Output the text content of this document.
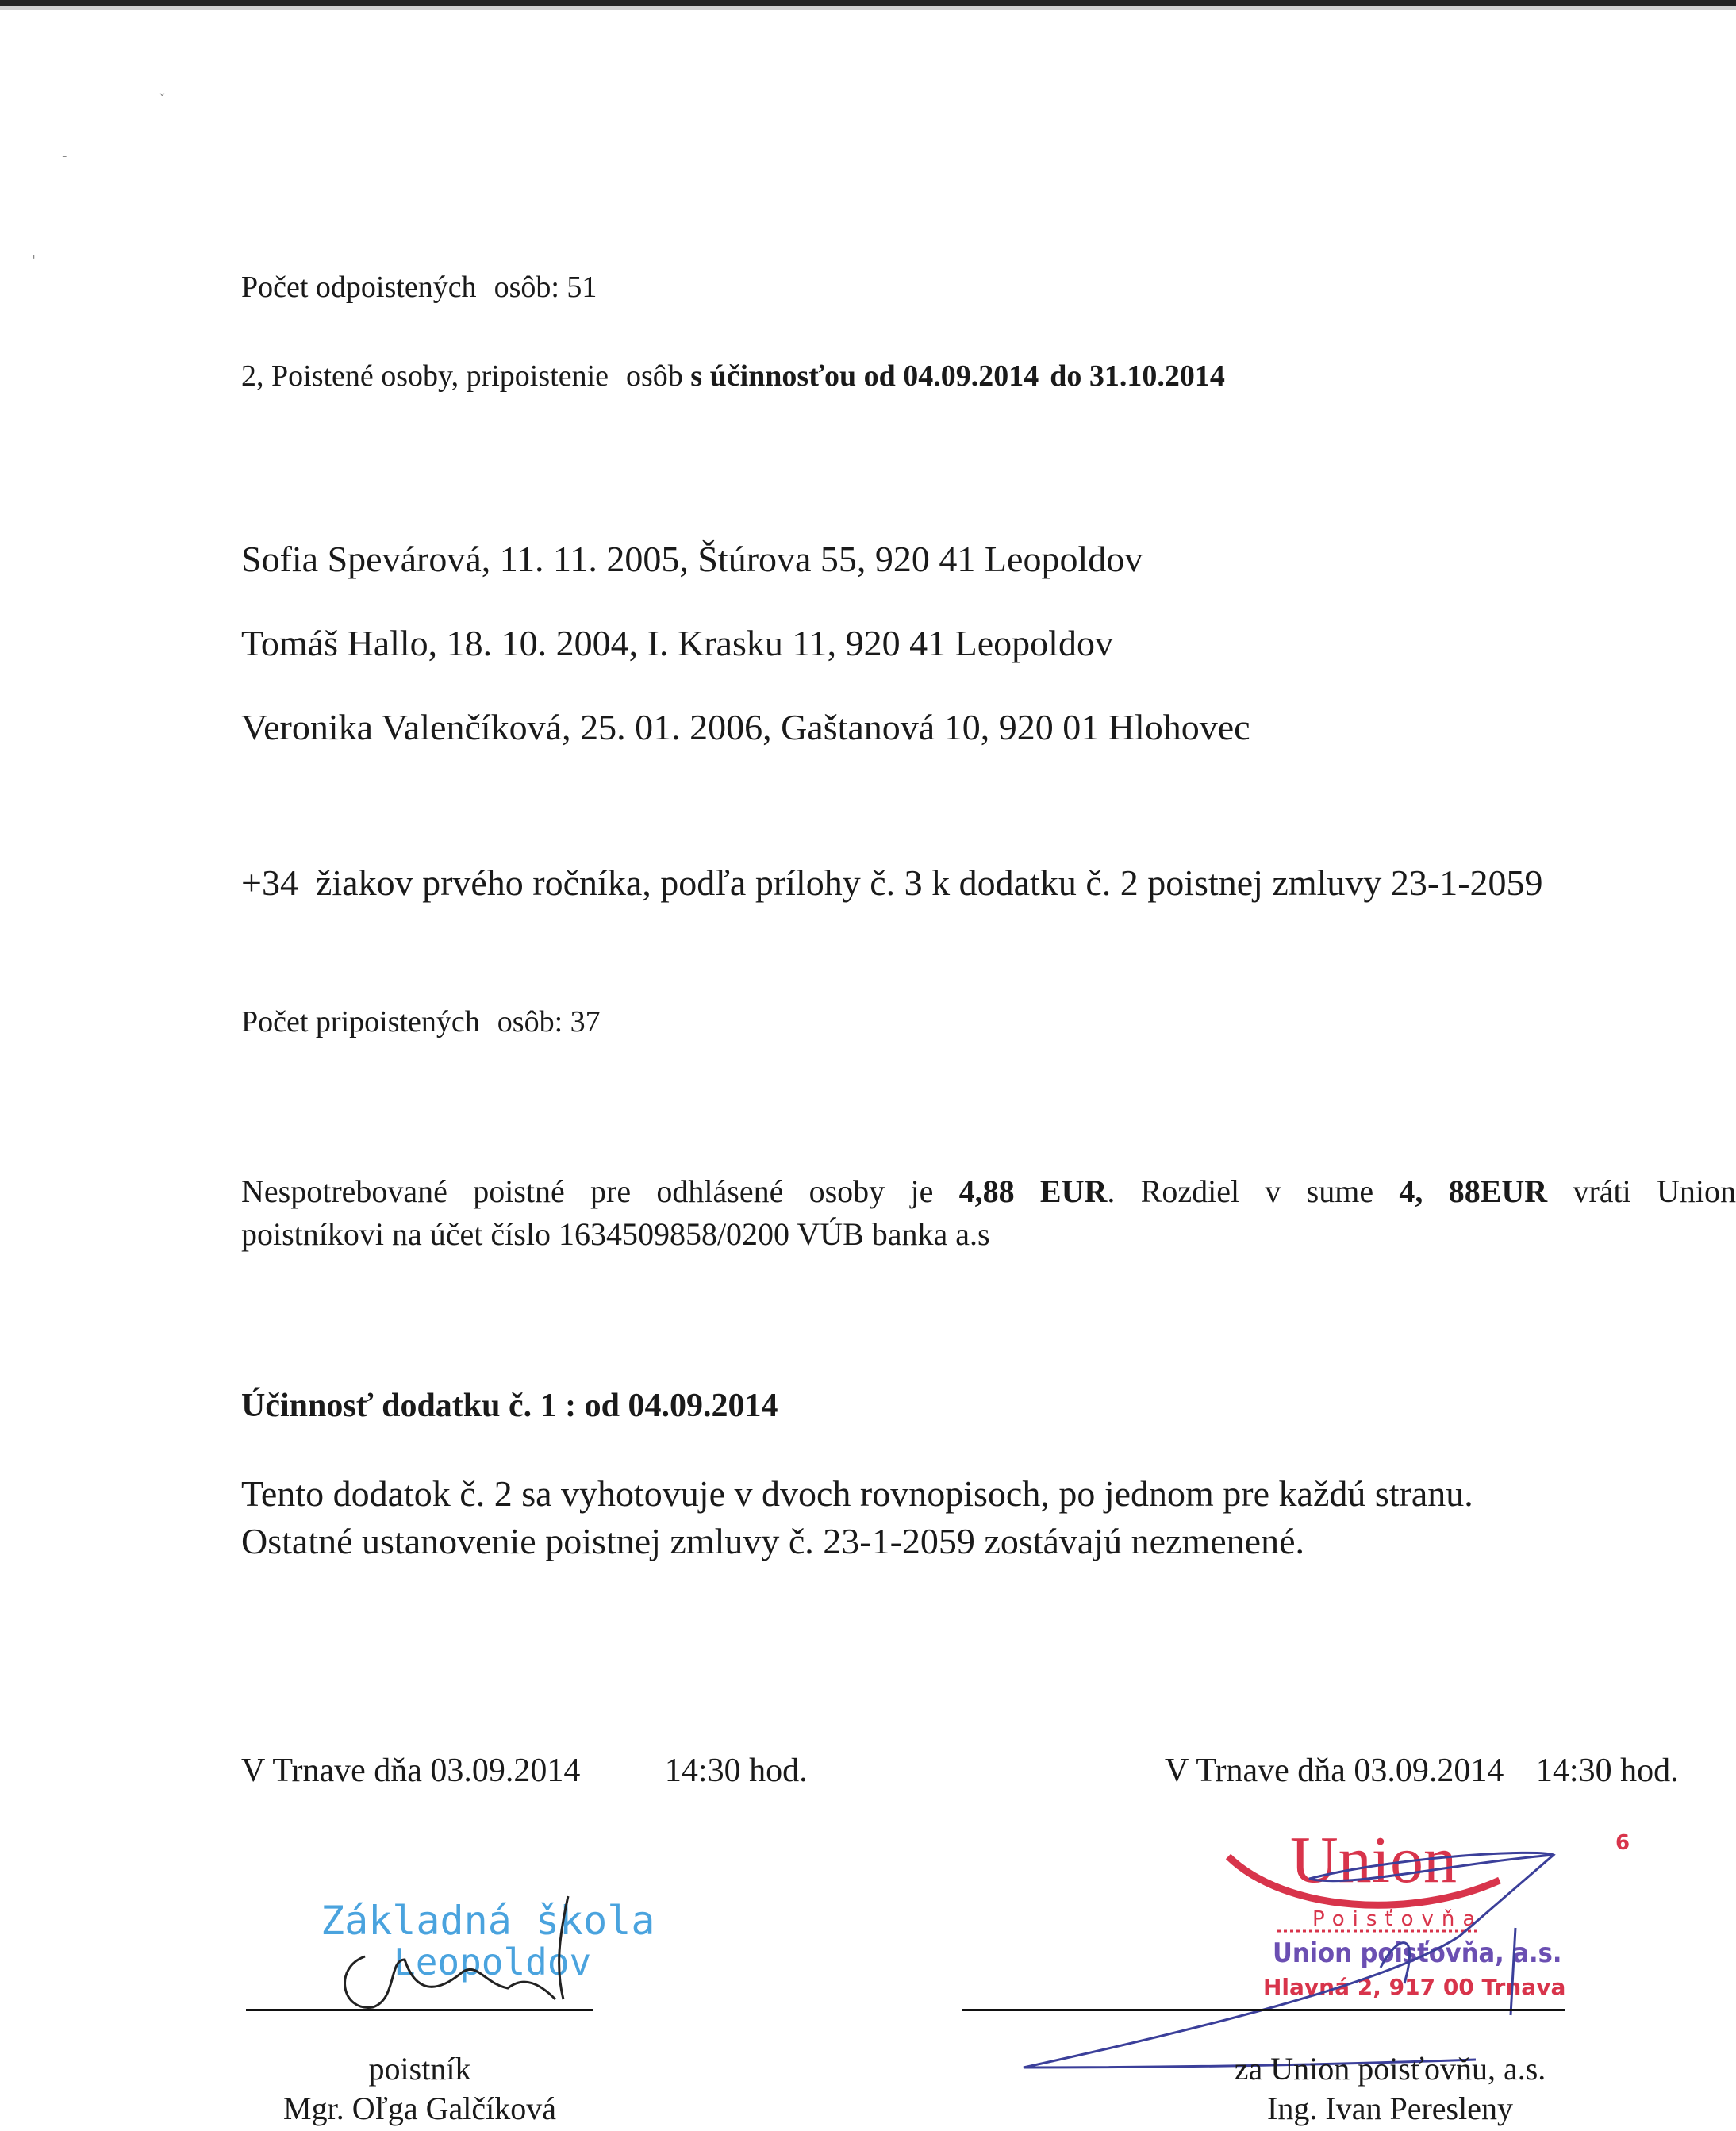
ˇ
-
'
Počet odpoistených osôb: 51
2, Poistené osoby, pripoistenie osôb s účinnosťou od 04.09.2014 do 31.10.2014
Sofia Spevárová, 11. 11. 2005, Štúrova 55, 920 41 Leopoldov
Tomáš Hallo, 18. 10. 2004, I. Krasku 11, 920 41 Leopoldov
Veronika Valenčíková, 25. 01. 2006, Gaštanová 10, 920 01 Hlohovec
+34 žiakov prvého ročníka, podľa prílohy č. 3 k dodatku č. 2 poistnej zmluvy 23-1-2059
Počet pripoistených osôb: 37
Nespotrebované poistné pre odhlásené osoby je 4,88 EUR. Rozdiel v sume 4, 88EUR vráti Union
poistníkovi na účet číslo 1634509858/0200 VÚB banka a.s
Účinnosť dodatku č. 1 : od 04.09.2014
Tento dodatok č. 2 sa vyhotovuje v dvoch rovnopisoch, po jednom pre každú stranu.
Ostatné ustanovenie poistnej zmluvy č. 23-1-2059 zostávajú nezmenené.
V Trnave dňa 03.09.2014	14:30 hod.	V Trnave dňa 03.09.2014 14:30 hod.
Základná škola
Leopoldov
Union
Poisťovňa
Union poisťovňa, a.s.
Hlavná 2, 917 00 Trnava
6
poistník
Mgr. Oľga Galčíková
za Union poisťovňu, a.s.
Ing. Ivan Peresleny
